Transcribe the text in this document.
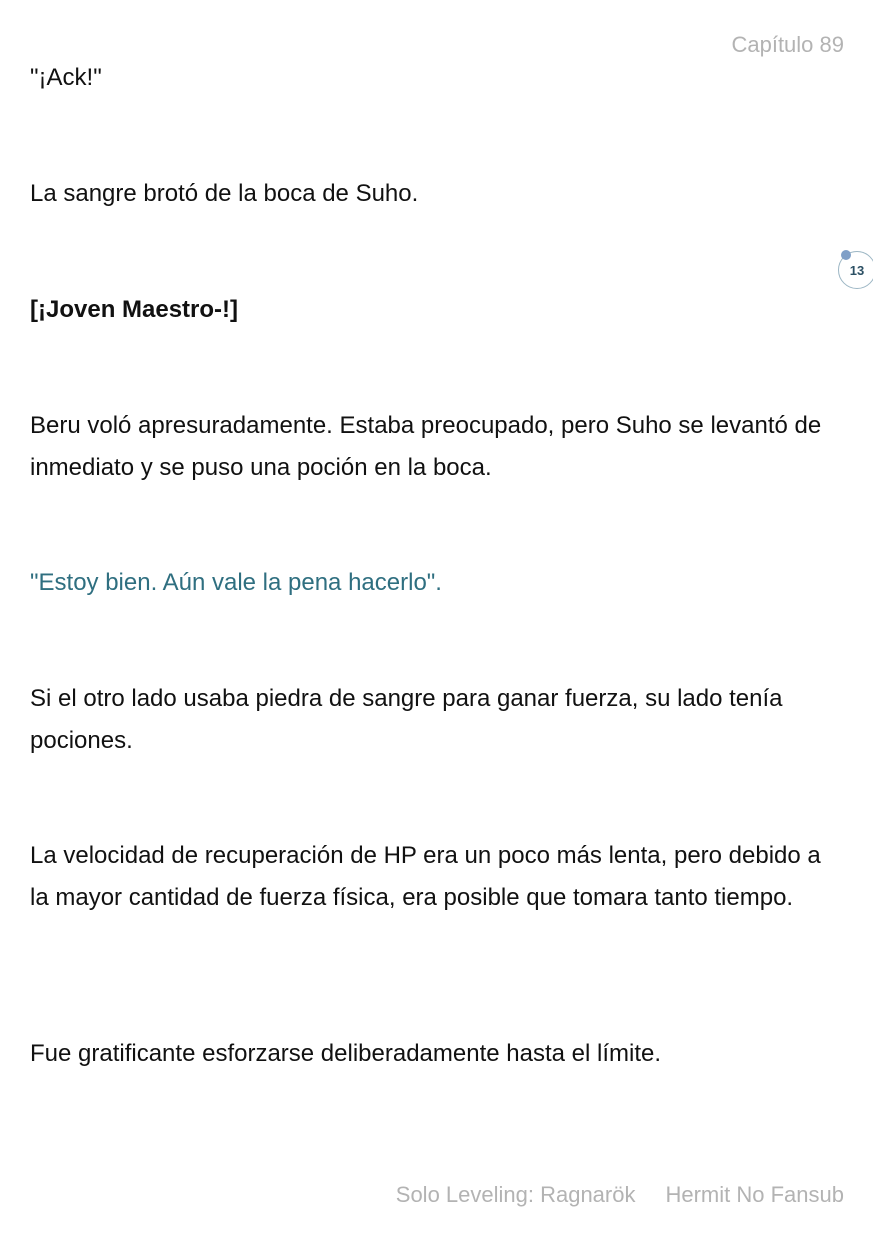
Capítulo 89

"¡Ack!"

La sangre brotó de la boca de Suho.

[¡Joven Maestro-!]

Beru voló apresuradamente. Estaba preocupado, pero Suho se levantó de inmediato y se puso una poción en la boca.

"Estoy bien. Aún vale la pena hacerlo".

Si el otro lado usaba piedra de sangre para ganar fuerza, su lado tenía pociones.

La velocidad de recuperación de HP era un poco más lenta, pero debido a la mayor cantidad de fuerza física, era posible que tomara tanto tiempo.

Fue gratificante esforzarse deliberadamente hasta el límite.

13
Solo Leveling: Ragnarök Hermit No Fansub
